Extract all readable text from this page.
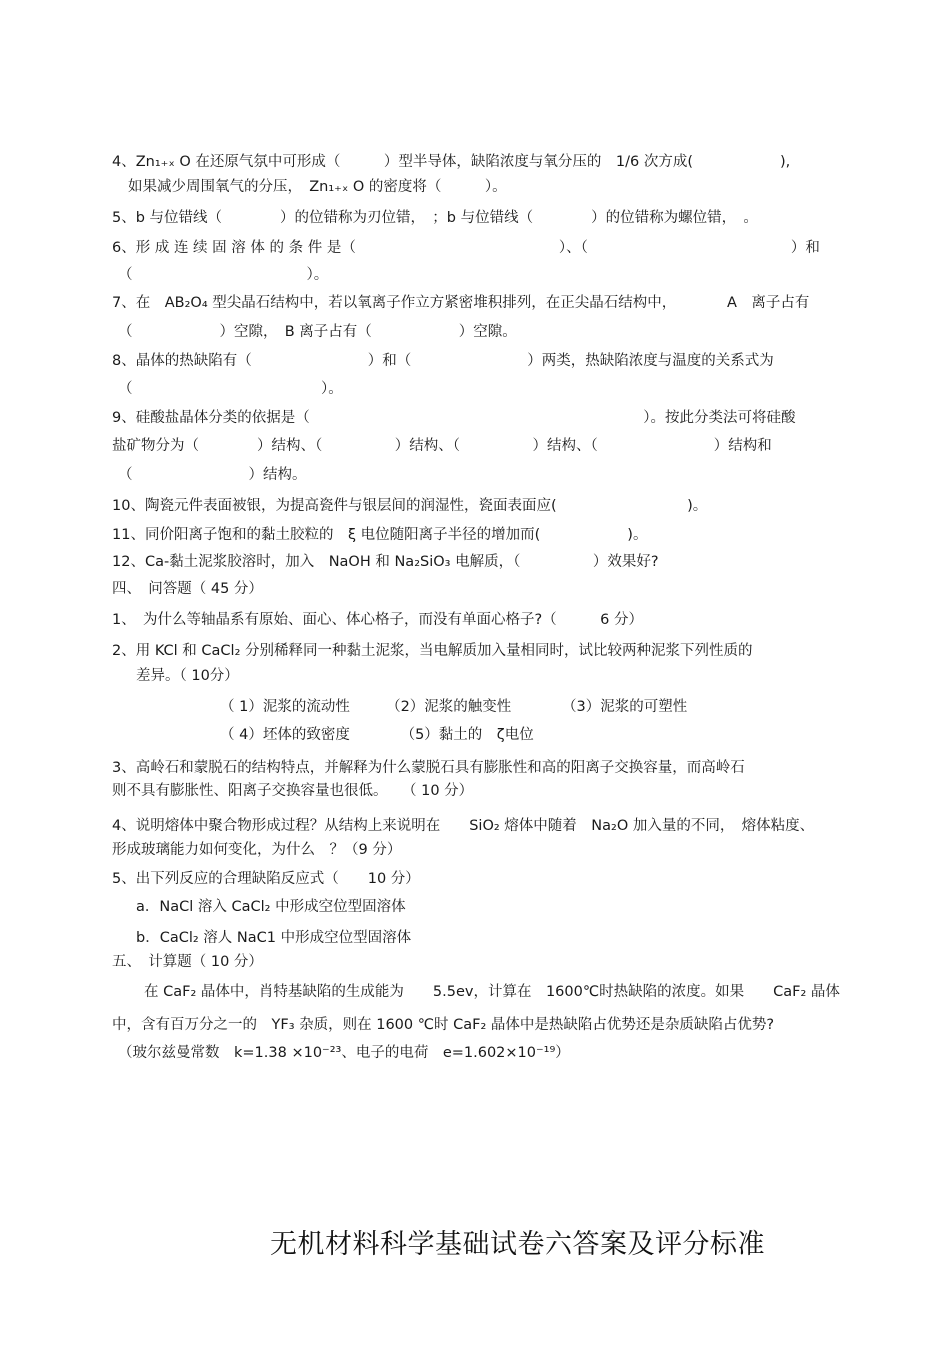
4、Zn₁₊ₓ O 在还原气氛中可形成（　　　）型半导体，缺陷浓度与氧分压的　1/6 次方成(　　　　　　),
如果减少周围氧气的分压，　Zn₁₊ₓ O 的密度将（　　　）。
5、b 与位错线（　　　　）的位错称为刃位错，　；b 与位错线（　　　　）的位错称为螺位错，　。
6、形 成 连 续 固 溶 体 的 条 件 是（　　　　　　　　　　　　　　）、（　　　　　　　　　　　　　　）和
（　　　　　　　　　　　　）。
7、在　AB₂O₄ 型尖晶石结构中，若以氧离子作立方紧密堆积排列，在正尖晶石结构中，　　　　A　离子占有
（　　　　　　）空隙，　B 离子占有（　　　　　　）空隙。
8、晶体的热缺陷有（　　　　　　　　）和（　　　　　　　　）两类，热缺陷浓度与温度的关系式为
（　　　　　　　　　　　　　）。
9、硅酸盐晶体分类的依据是（　　　　　　　　　　　　　　　　　　　　　　　）。按此分类法可将硅酸
盐矿物分为（　　　　）结构、（　　　　　）结构、（　　　　　）结构、（　　　　　　　　）结构和
（　　　　　　　　）结构。
10、陶瓷元件表面被银，为提高瓷件与银层间的润湿性，瓷面表面应(　　　　　　　　　)。
11、同价阳离子饱和的黏土胶粒的　ξ 电位随阳离子半径的增加而(　　　　　　)。
12、Ca-黏土泥浆胶溶时，加入　NaOH 和 Na₂SiO₃ 电解质，（　　　　　）效果好?
四、　问答题（ 45 分）
1、　为什么等轴晶系有原始、面心、体心格子，而没有单面心格子?（　　　6 分）
2、用 KCl 和 CaCl₂ 分别稀释同一种黏土泥浆，当电解质加入量相同时，试比较两种泥浆下列性质的
差异。（ 10分）
（ 1）泥浆的流动性　　　（2）泥浆的触变性　　　　（3）泥浆的可塑性
（ 4）坯体的致密度　　　　（5）黏土的　ζ电位
3、高岭石和蒙脱石的结构特点，并解释为什么蒙脱石具有膨胀性和高的阳离子交换容量，而高岭石
则不具有膨胀性、阳离子交换容量也很低。　　（ 10 分）
4、说明熔体中聚合物形成过程？从结构上来说明在　　SiO₂ 熔体中随着　Na₂O 加入量的不同，　熔体粘度、
形成玻璃能力如何变化，为什么　？（9 分）
5、出下列反应的合理缺陷反应式（　　10 分）
a．NaCl 溶入 CaCl₂ 中形成空位型固溶体
b．CaCl₂ 溶人 NaC1 中形成空位型固溶体
五、　计算题（ 10 分）
在 CaF₂ 晶体中，肖特基缺陷的生成能为　　5.5ev，计算在　1600℃时热缺陷的浓度。如果　　CaF₂ 晶体
中，含有百万分之一的　YF₃ 杂质，则在 1600 ℃时 CaF₂ 晶体中是热缺陷占优势还是杂质缺陷占优势?
（玻尔兹曼常数　k=1.38 ×10⁻²³、电子的电荷　e=1.602×10⁻¹⁹）
无机材料科学基础试卷六答案及评分标准
